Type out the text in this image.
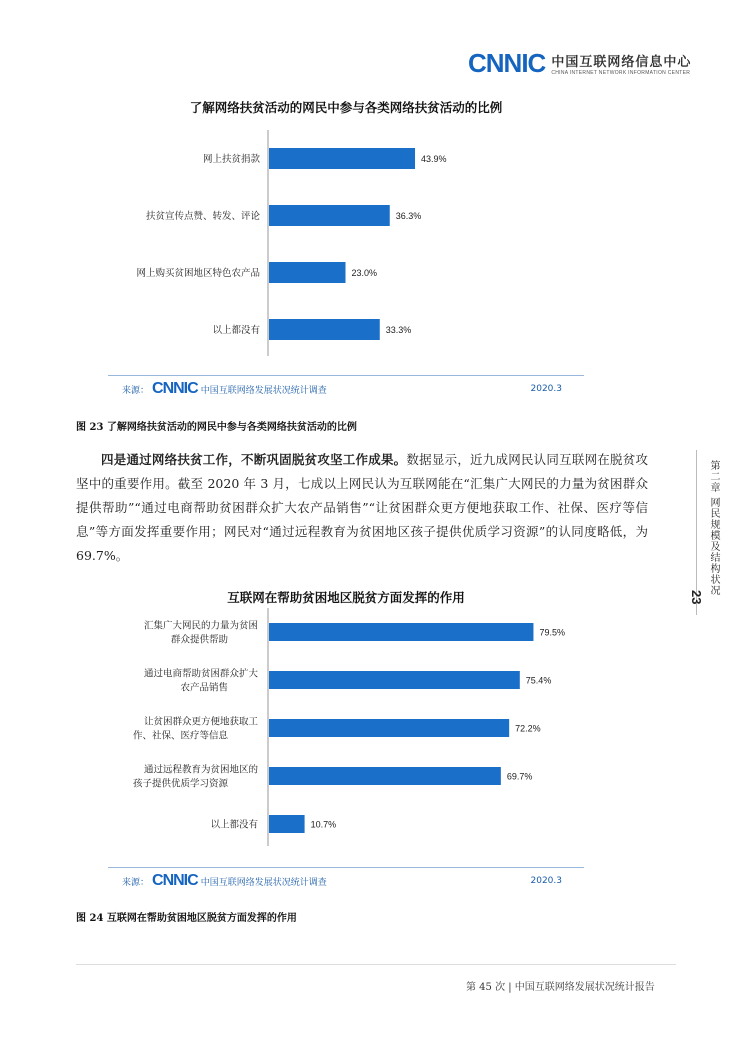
CNNIC 中国互联网络信息中心
CHINA INTERNET NETWORK INFORMATION CENTER
了解网络扶贫活动的网民中参与各类网络扶贫活动的比例
43.9%
网上扶贫捐款
36.3%
扶贫宣传点赞、转发、评论
23.0%
网上购买贫困地区特色农产品
33.3%
以上都没有
来源： CNNIC 中国互联网络发展状况统计调查	2020.3
图 23 了解网络扶贫活动的网民中参与各类网络扶贫活动的比例

四是通过网络扶贫工作，不断巩固脱贫攻坚工作成果。数据显示，近九成网民认同互联网在脱贫攻坚中的重要作用。截至 2020 年 3 月，七成以上网民认为互联网能在“汇集广大网民的力量为贫困群众提供帮助”“通过电商帮助贫困群众扩大农产品销售”“让贫困群众更方便地获取工作、社保、医疗等信息”等方面发挥重要作用；网民对“通过远程教育为贫困地区孩子提供优质学习资源”的认同度略低，为 69.7%。

互联网在帮助贫困地区脱贫方面发挥的作用
79.5%
汇集广大网民的力量为贫困群众提供帮助
75.4%
通过电商帮助贫困群众扩大农产品销售
72.2%
让贫困群众更方便地获取工作、社保、医疗等信息
69.7%
通过远程教育为贫困地区的孩子提供优质学习资源
10.7%
以上都没有
来源： CNNIC 中国互联网络发展状况统计调查	2020.3
图 24 互联网在帮助贫困地区脱贫方面发挥的作用
第二章 网民规模及结构状况
23
第 45 次 | 中国互联网络发展状况统计报告
